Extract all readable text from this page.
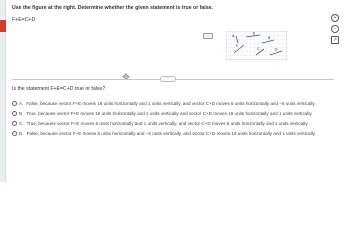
Use the figure at the right. Determine whether the given statement is true or false.
F+E=C+D
A
E
B
F
C	D
+
−
↗
✥	···
Is the statement F+E=C+D true or false?
A. False, because vector F+E moves 16 units horizontally and 1 units vertically, and vector C+D moves 6 units horizontally and −5 units vertically.
B. True, because vector F+E moves 16 units horizontally and 1 units vertically and vector C+D moves 16 units horizontally and 1 units vertically.
C. True, because vector F+E moves 6 units horizontally and 1 units vertically, and vector C+D moves 6 units horizontally and 1 units vertically.
D. False, because vector F+E moves 6 units horizontally and −5 units vertically, and vector C+D moves 16 units horizontally and 1 units vertically.
